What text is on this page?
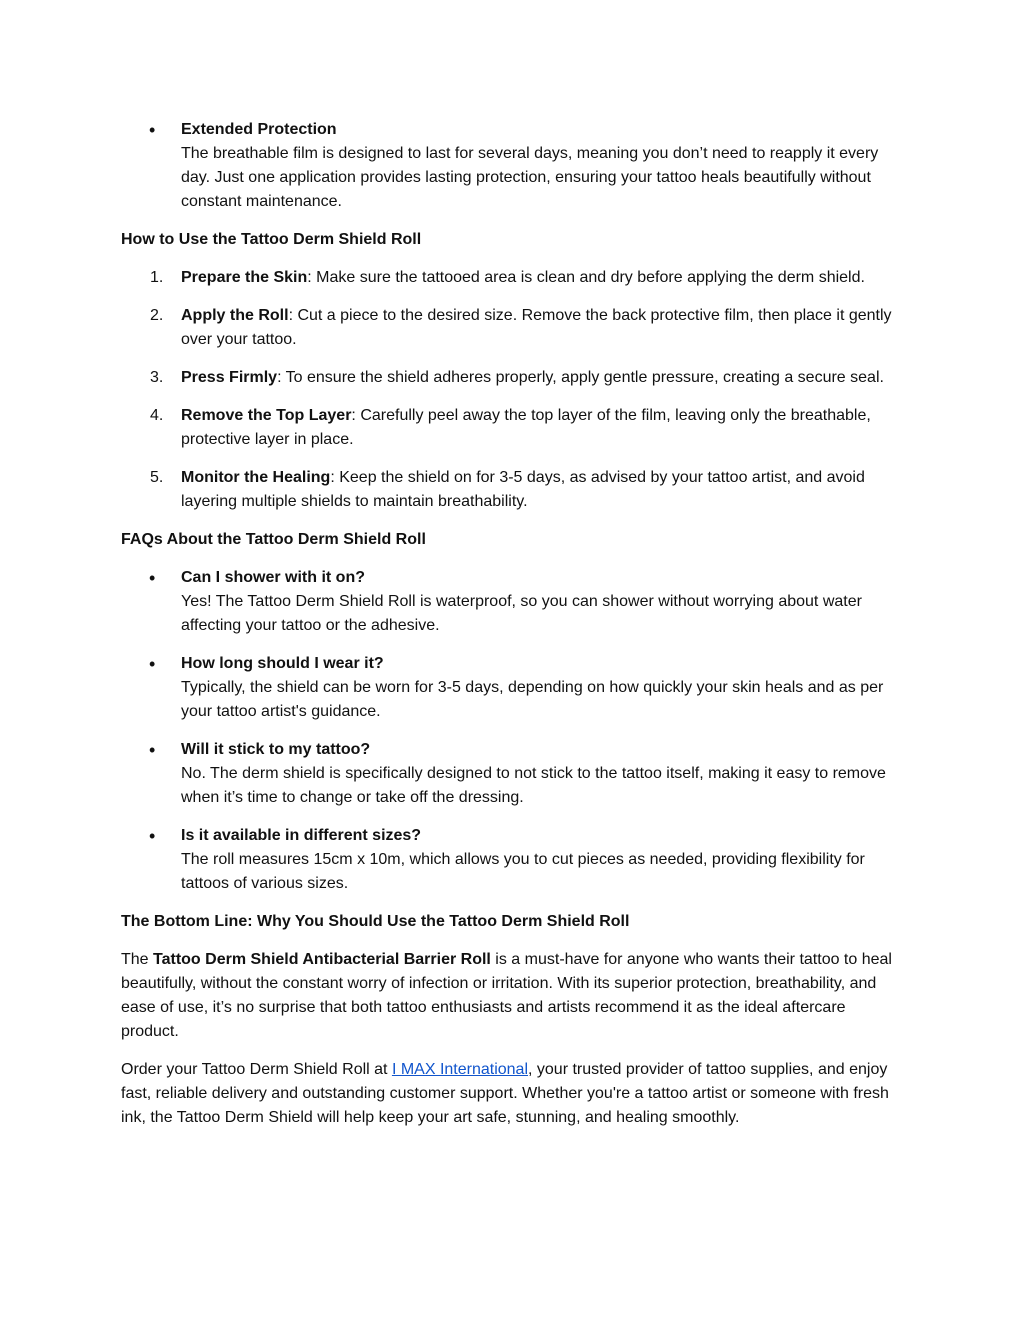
•	Extended Protection
The breathable film is designed to last for several days, meaning you don’t need to reapply it every day. Just one application provides lasting protection, ensuring your tattoo heals beautifully without constant maintenance.
How to Use the Tattoo Derm Shield Roll
1.	Prepare the Skin: Make sure the tattooed area is clean and dry before applying the derm shield.
2.	Apply the Roll: Cut a piece to the desired size. Remove the back protective film, then place it gently over your tattoo.
3.	Press Firmly: To ensure the shield adheres properly, apply gentle pressure, creating a secure seal.
4.	Remove the Top Layer: Carefully peel away the top layer of the film, leaving only the breathable, protective layer in place.
5.	Monitor the Healing: Keep the shield on for 3-5 days, as advised by your tattoo artist, and avoid layering multiple shields to maintain breathability.
FAQs About the Tattoo Derm Shield Roll
•	Can I shower with it on?
Yes! The Tattoo Derm Shield Roll is waterproof, so you can shower without worrying about water affecting your tattoo or the adhesive.
•	How long should I wear it?
Typically, the shield can be worn for 3-5 days, depending on how quickly your skin heals and as per your tattoo artist's guidance.
•	Will it stick to my tattoo?
No. The derm shield is specifically designed to not stick to the tattoo itself, making it easy to remove when it’s time to change or take off the dressing.
•	Is it available in different sizes?
The roll measures 15cm x 10m, which allows you to cut pieces as needed, providing flexibility for tattoos of various sizes.
The Bottom Line: Why You Should Use the Tattoo Derm Shield Roll

The Tattoo Derm Shield Antibacterial Barrier Roll is a must-have for anyone who wants their tattoo to heal beautifully, without the constant worry of infection or irritation. With its superior protection, breathability, and ease of use, it’s no surprise that both tattoo enthusiasts and artists recommend it as the ideal aftercare product.

Order your Tattoo Derm Shield Roll at I MAX International, your trusted provider of tattoo supplies, and enjoy fast, reliable delivery and outstanding customer support. Whether you're a tattoo artist or someone with fresh ink, the Tattoo Derm Shield will help keep your art safe, stunning, and healing smoothly.
